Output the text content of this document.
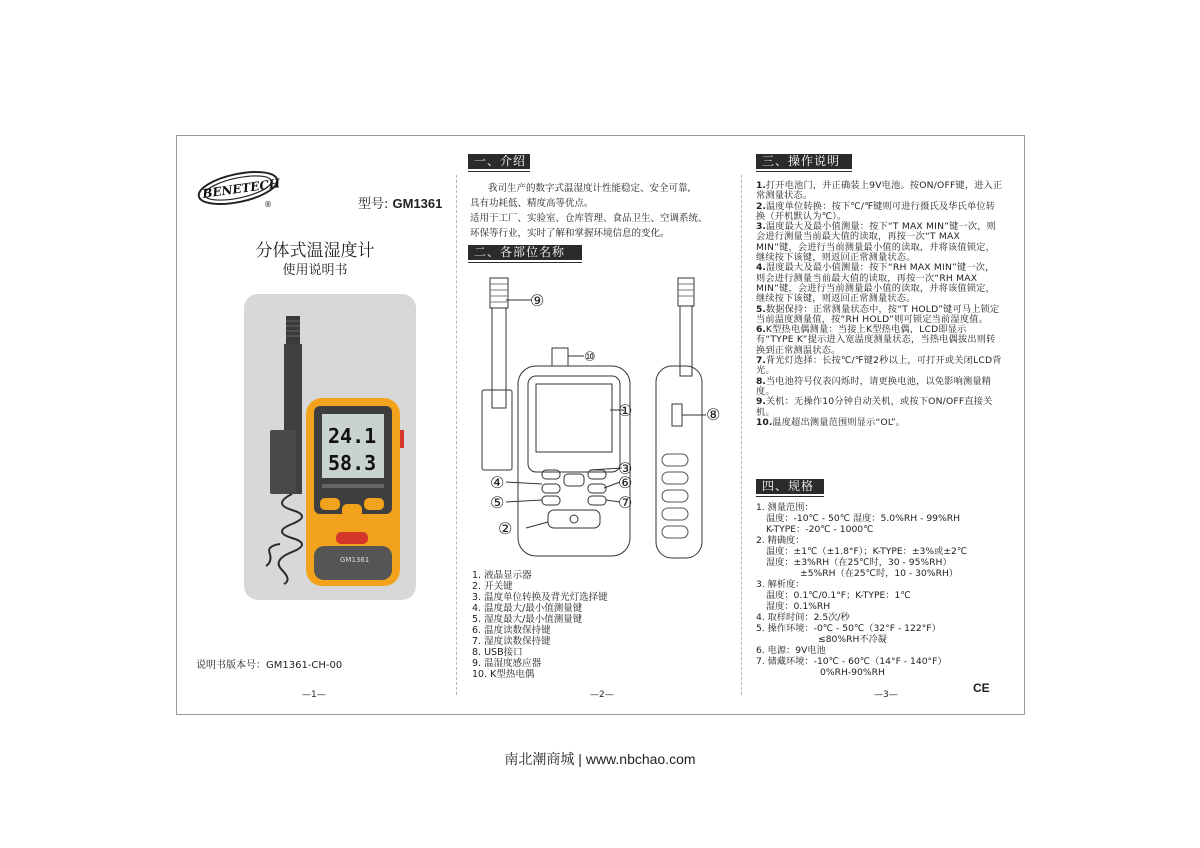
BENETECH
®	型号: GM1361
分体式温湿度计
使用说明书
24.1
58.3
GM1361
说明书版本号：GM1361-CH-00
—1—
一、介绍
我司生产的数字式温湿度计性能稳定、安全可靠,
具有功耗低、精度高等优点。
适用于工厂、实验室、仓库管理、食品卫生、空调系统、
环保等行业，实时了解和掌握环境信息的变化。
二、各部位名称
⑨
⑩
①
③
④	⑥
⑤	⑦
②
⑧
1. 液晶显示器
2. 开关键
3. 温度单位转换及背光灯选择键
4. 温度最大/最小值测量键
5. 湿度最大/最小值测量键
6. 温度读数保持键
7. 湿度读数保持键
8. USB接口
9. 温湿度感应器
10. K型热电偶
—2—
三、操作说明
1.打开电池门，并正确装上9V电池。按ON/OFF键，进入正常测量状态。
2.温度单位转换：按下℃/℉键则可进行摄氏及华氏单位转换（开机默认为℃）。
3.温度最大及最小值测量：按下“T MAX MIN”键一次，则会进行测量当前最大值的读取，再按一次“T MAX MIN”键，会进行当前测量最小值的读取，并将该值锁定，继续按下该键，则返回正常测量状态。
4.湿度最大及最小值测量：按下“RH MAX MIN”键一次，则会进行测量当前最大值的读取，再按一次“RH MAX MIN”键，会进行当前测量最小值的读取，并将该值锁定，继续按下该键，则返回正常测量状态。
5.数据保持：正常测量状态中，按“T HOLD”键可马上锁定当前温度测量值，按“RH HOLD”则可锁定当前湿度值。
6.K型热电偶测量：当接上K型热电偶，LCD即显示有“TYPE K”提示进入宽温度测量状态，当热电偶拔出则转换到正常测温状态。
7.背光灯选择：长按℃/℉键2秒以上，可打开或关闭LCD背光。
8.当电池符号仪表闪烁时，请更换电池，以免影响测量精度。
9.关机：无操作10分钟自动关机，或按下ON/OFF直接关机。
10.温度超出测量范围则显示“OL”。
四、规格
1. 测量范围：
温度：-10℃ - 50℃ 湿度：5.0%RH - 99%RH
K-TYPE：-20℃ - 1000℃
2. 精确度：
温度：±1℃（±1.8°F）；K-TYPE：±3%或±2℃
湿度：±3%RH（在25℃时，30 - 95%RH）
±5%RH（在25℃时，10 - 30%RH）
3. 解析度：
温度：0.1℃/0.1°F；K-TYPE：1℃
湿度：0.1%RH
4. 取样时间：2.5次/秒
5. 操作环境：-0℃ - 50℃（32°F - 122°F）
≤80%RH不冷凝
6. 电源：9V电池
7. 储藏环境：-10℃ - 60℃（14°F - 140°F）
0%RH-90%RH
CE
—3—
南北潮商城 | www.nbchao.com
